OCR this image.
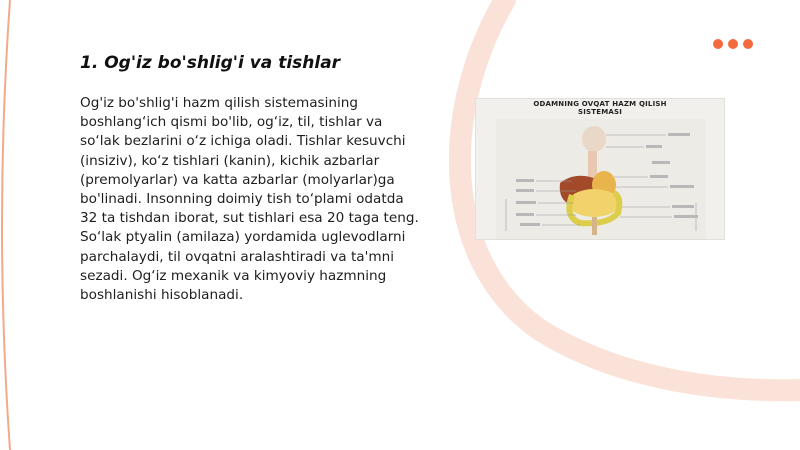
1. Og'iz bo'shlig'i va tishlar

Og'iz bo'shlig'i hazm qilish sistemasining boshlang‘ich qismi bo'lib, og‘iz, til, tishlar va so‘lak bezlarini o‘z ichiga oladi. Tishlar kesuvchi (insiziv), ko‘z tishlari (kanin), kichik azbarlar (premolyarlar) va katta azbarlar (molyarlar)ga bo'linadi. Insonning doimiy tish to‘plami odatda 32 ta tishdan iborat, sut tishlari esa 20 taga teng. So‘lak ptyalin (amilaza) yordamida uglevodlarni parchalaydi, til ovqatni aralashtiradi va ta'mni sezadi. Og‘iz mexanik va kimyoviy hazmning boshlanishi hisoblanadi.

ODAMNING OVQAT HAZM QILISH
SISTEMASI
